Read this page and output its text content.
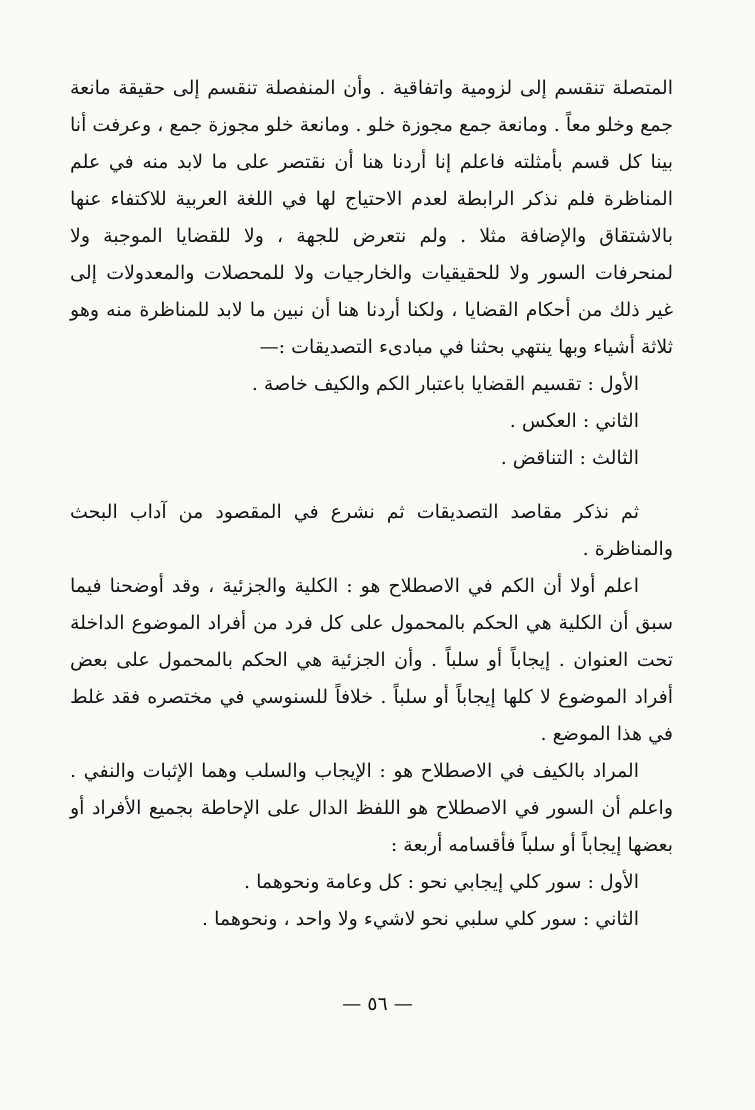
المتصلة تنقسم إلى لزومية واتفاقية . وأن المنفصلة تنقسم إلى حقيقة مانعة جمع وخلو معاً . ومانعة جمع مجوزة خلو . ومانعة خلو مجوزة جمع ، وعرفت أنا بينا كل قسم بأمثلته فاعلم إنا أردنا هنا أن نقتصر على ما لابد منه في علم المناظرة فلم نذكر الرابطة لعدم الاحتياج لها في اللغة العربية للاكتفاء عنها بالاشتقاق والإضافة مثلا . ولم نتعرض للجهة ، ولا للقضايا الموجبة ولا لمنحرفات السور ولا للحقيقيات والخارجيات ولا للمحصلات والمعدولات إلى غير ذلك من أحكام القضايا ، ولكنا أردنا هنا أن نبين ما لابد للمناظرة منه وهو ثلاثة أشياء وبها ينتهي بحثنا في مبادىء التصديقات :—

الأول : تقسيم القضايا باعتبار الكم والكيف خاصة .
الثاني : العكس .
الثالث : التناقض .

ثم نذكر مقاصد التصديقات ثم نشرع في المقصود من آداب البحث والمناظرة .

اعلم أولا أن الكم في الاصطلاح هو : الكلية والجزئية ، وقد أوضحنا فيما سبق أن الكلية هي الحكم بالمحمول على كل فرد من أفراد الموضوع الداخلة تحت العنوان . إيجاباً أو سلباً . وأن الجزئية هي الحكم بالمحمول على بعض أفراد الموضوع لا كلها إيجاباً أو سلباً . خلافاً للسنوسي في مختصره فقد غلط في هذا الموضع .

المراد بالكيف في الاصطلاح هو : الإيجاب والسلب وهما الإثبات والنفي . واعلم أن السور في الاصطلاح هو اللفظ الدال على الإحاطة بجميع الأفراد أو بعضها إيجاباً أو سلباً فأقسامه أربعة :

الأول : سور كلي إيجابي نحو : كل وعامة ونحوهما .
الثاني : سور كلي سلبي نحو لاشيء ولا واحد ، ونحوهما .
— ٥٦ —
